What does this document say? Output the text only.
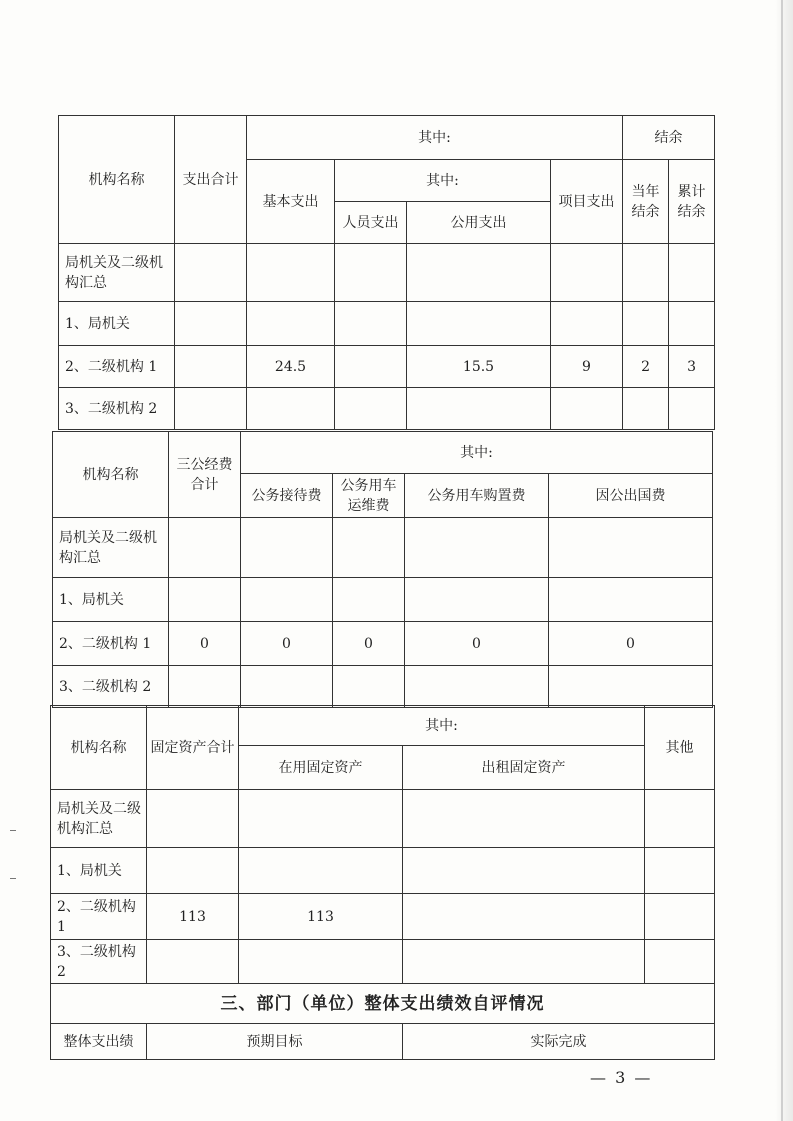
机构名称	支出合计	其中:				结余	
		基本支出	其中:		项目支出	当年结余	累计结余
			人员支出	公用支出			
局机关及二级机构汇总							
1、局机关							
2、二级机构 1		24.5		15.5	9	2	3
3、二级机构 2							
机构名称	三公经费合计	其中:			
		公务接待费	公务用车运维费	公务用车购置费	因公出国费
局机关及二级机构汇总					
1、局机关					
2、二级机构 1	0	0	0	0	0
3、二级机构 2					
机构名称	固定资产合计	其中:		其他
		在用固定资产	出租固定资产	
局机关及二级机构汇总				
1、局机关				
2、二级机构 1	113	113		
3、二级机构 2				
三、部门（单位）整体支出绩效自评情况				
整体支出绩	预期目标		实际完成	
— 3 —
